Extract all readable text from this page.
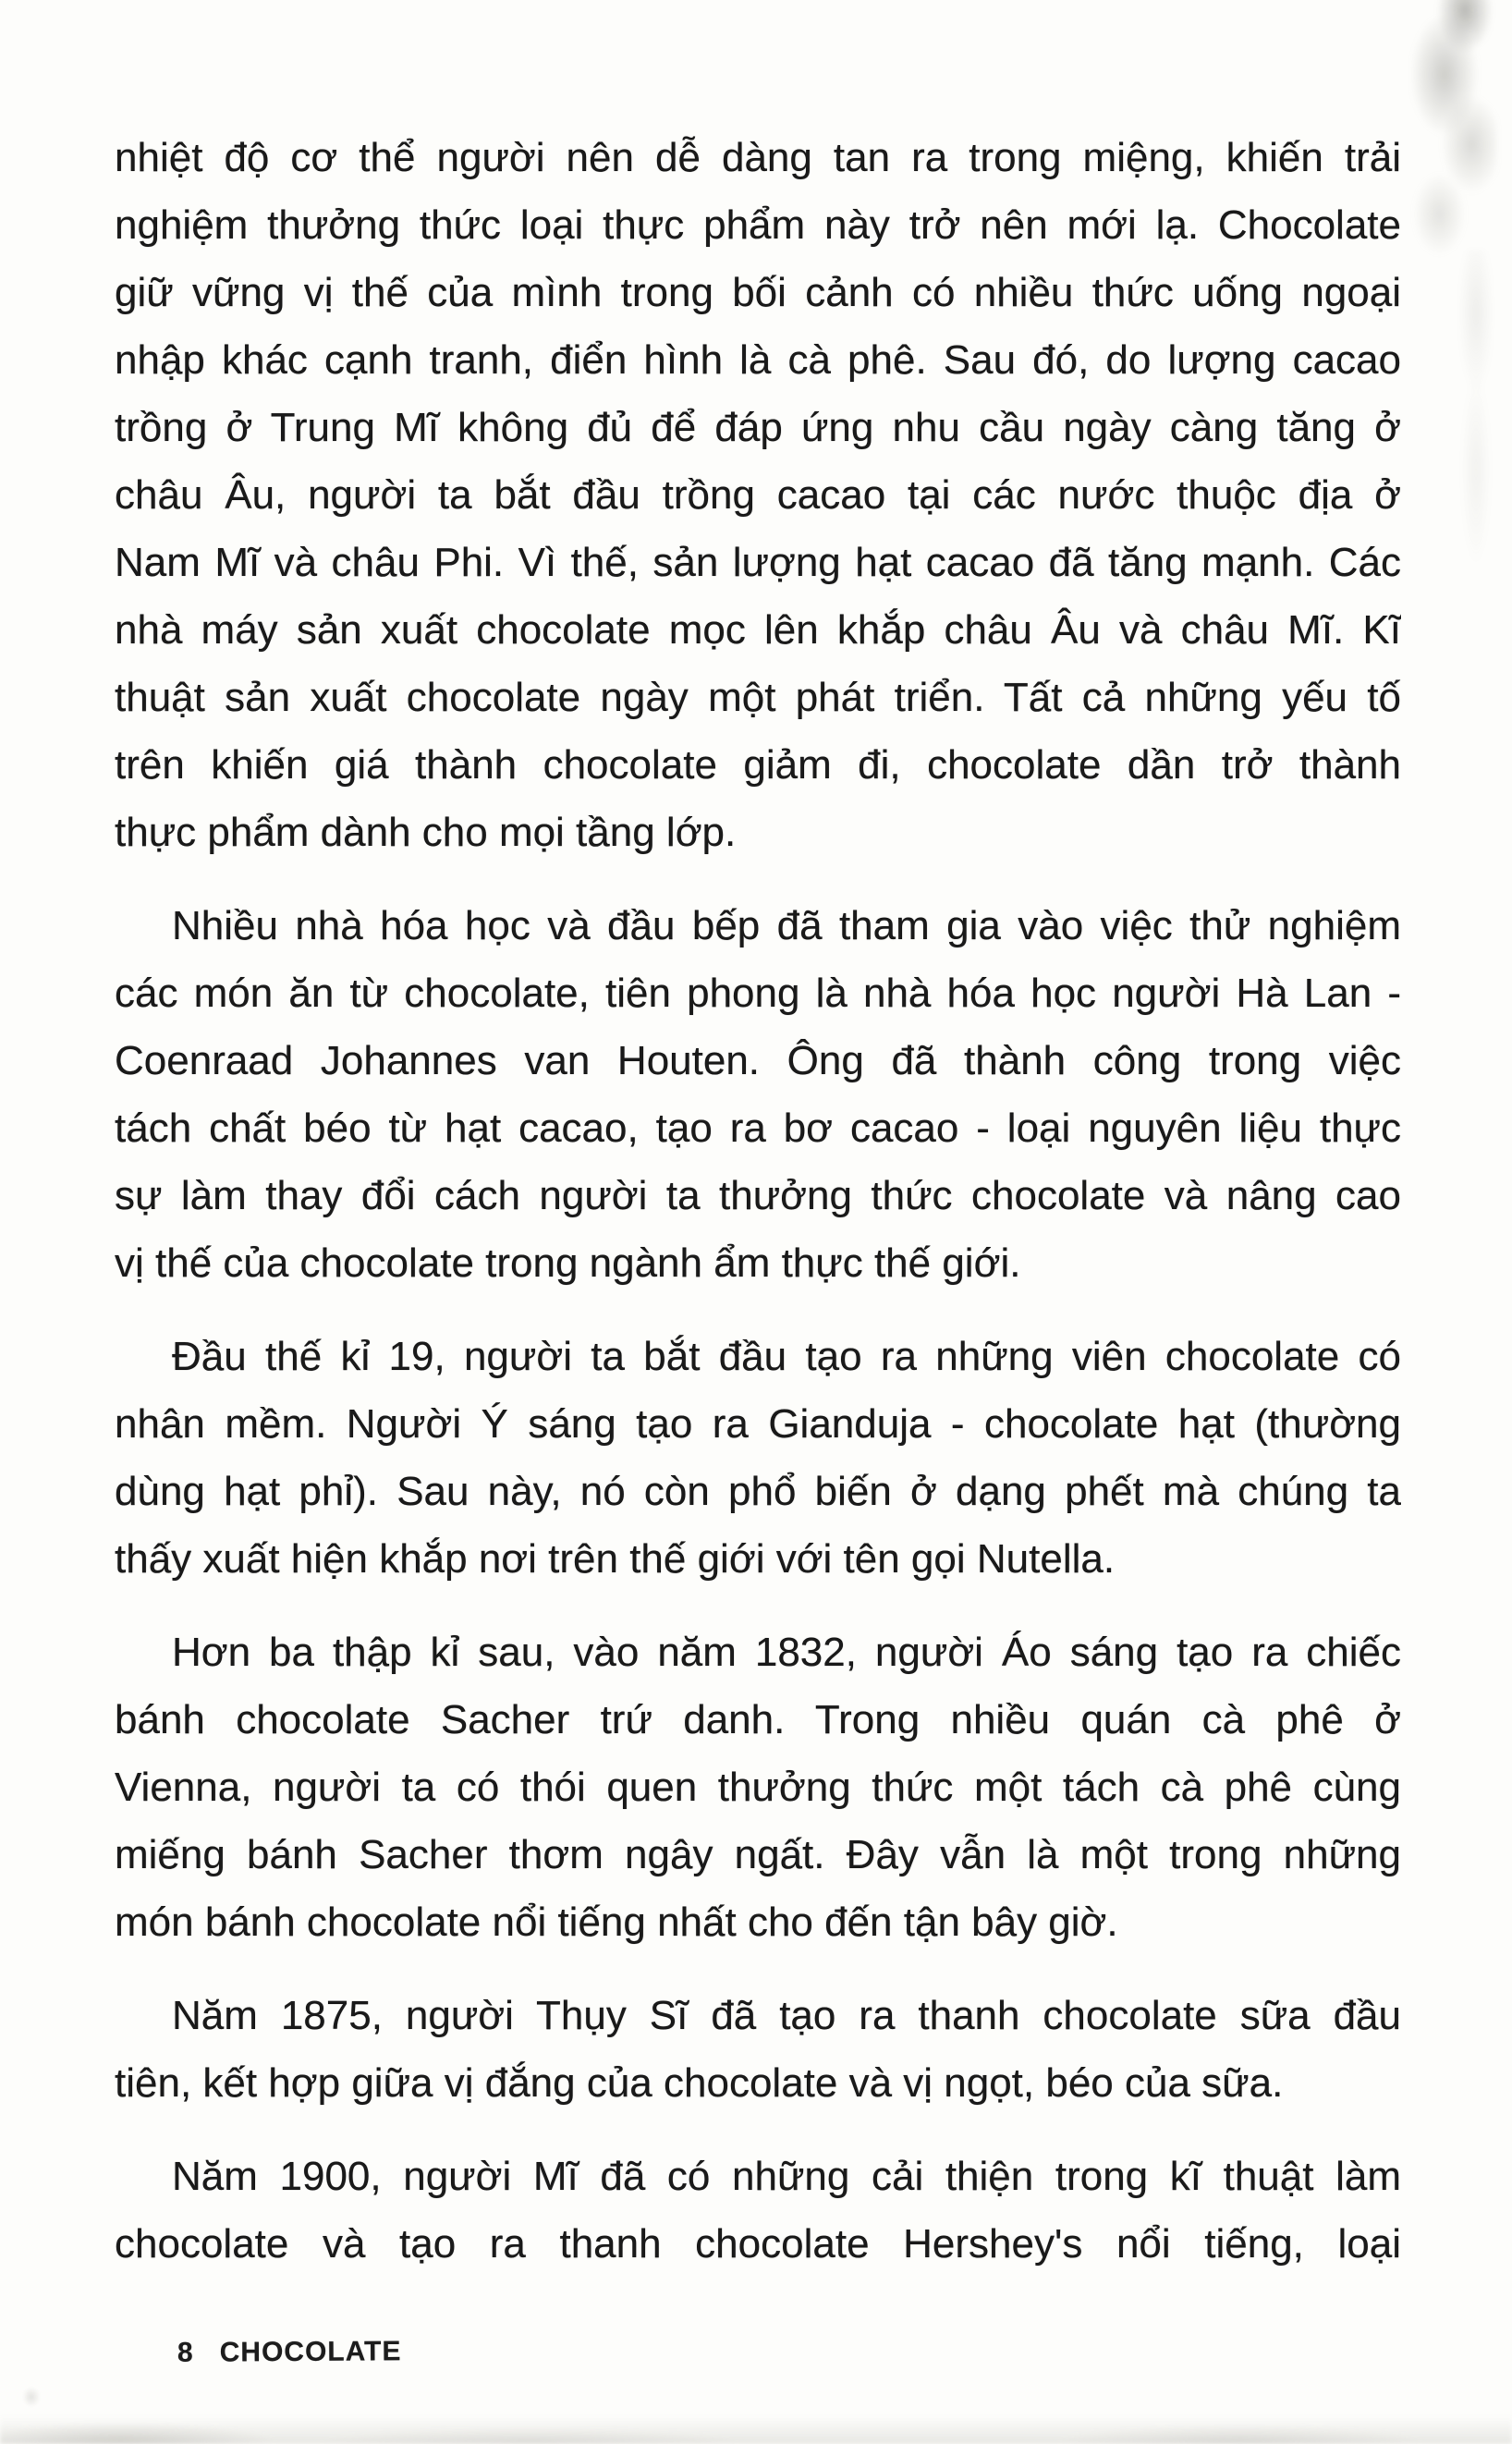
nhiệt độ cơ thể người nên dễ dàng tan ra trong miệng, khiến trải
nghiệm thưởng thức loại thực phẩm này trở nên mới lạ. Chocolate
giữ vững vị thế của mình trong bối cảnh có nhiều thức uống ngoại
nhập khác cạnh tranh, điển hình là cà phê. Sau đó, do lượng cacao
trồng ở Trung Mĩ không đủ để đáp ứng nhu cầu ngày càng tăng ở
châu Âu, người ta bắt đầu trồng cacao tại các nước thuộc địa ở
Nam Mĩ và châu Phi. Vì thế, sản lượng hạt cacao đã tăng mạnh. Các
nhà máy sản xuất chocolate mọc lên khắp châu Âu và châu Mĩ. Kĩ
thuật sản xuất chocolate ngày một phát triển. Tất cả những yếu tố
trên khiến giá thành chocolate giảm đi, chocolate dần trở thành
thực phẩm dành cho mọi tầng lớp.
Nhiều nhà hóa học và đầu bếp đã tham gia vào việc thử nghiệm
các món ăn từ chocolate, tiên phong là nhà hóa học người Hà Lan -
Coenraad Johannes van Houten. Ông đã thành công trong việc
tách chất béo từ hạt cacao, tạo ra bơ cacao - loại nguyên liệu thực
sự làm thay đổi cách người ta thưởng thức chocolate và nâng cao
vị thế của chocolate trong ngành ẩm thực thế giới.
Đầu thế kỉ 19, người ta bắt đầu tạo ra những viên chocolate có
nhân mềm. Người Ý sáng tạo ra Gianduja - chocolate hạt (thường
dùng hạt phỉ). Sau này, nó còn phổ biến ở dạng phết mà chúng ta
thấy xuất hiện khắp nơi trên thế giới với tên gọi Nutella.
Hơn ba thập kỉ sau, vào năm 1832, người Áo sáng tạo ra chiếc
bánh chocolate Sacher trứ danh. Trong nhiều quán cà phê ở
Vienna, người ta có thói quen thưởng thức một tách cà phê cùng
miếng bánh Sacher thơm ngây ngất. Đây vẫn là một trong những
món bánh chocolate nổi tiếng nhất cho đến tận bây giờ.
Năm 1875, người Thụy Sĩ đã tạo ra thanh chocolate sữa đầu
tiên, kết hợp giữa vị đắng của chocolate và vị ngọt, béo của sữa.
Năm 1900, người Mĩ đã có những cải thiện trong kĩ thuật làm
chocolate và tạo ra thanh chocolate Hershey's nổi tiếng, loại
8 CHOCOLATE
